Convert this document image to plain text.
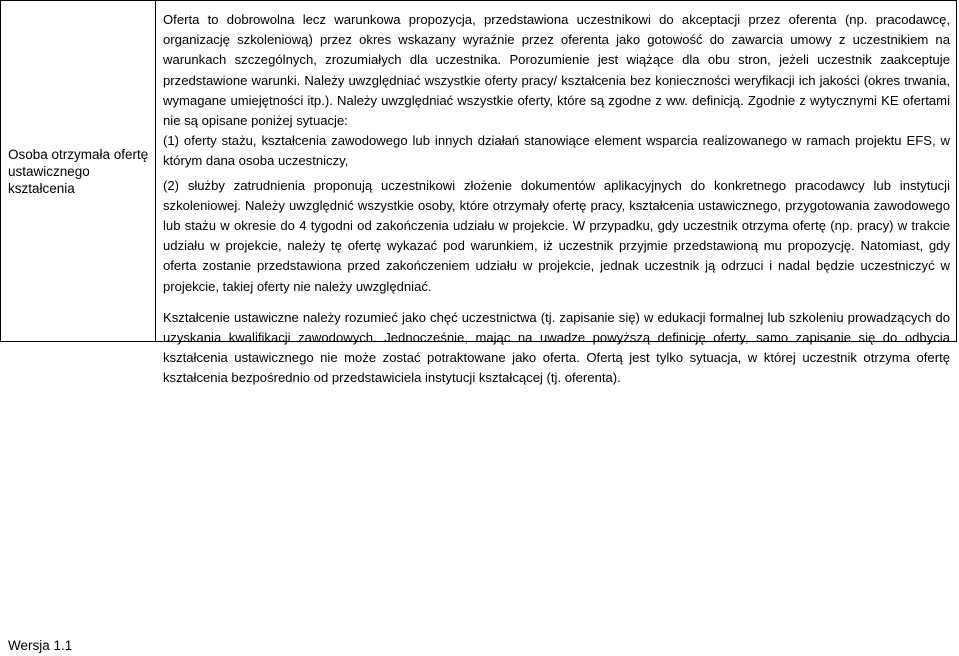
Osoba otrzymała ofertę ustawicznego kształcenia

Oferta to dobrowolna lecz warunkowa propozycja, przedstawiona uczestnikowi do akceptacji przez oferenta (np. pracodawcę, organizację szkoleniową) przez okres wskazany wyraźnie przez oferenta jako gotowość do zawarcia umowy z uczestnikiem na warunkach szczególnych, zrozumiałych dla uczestnika. Porozumienie jest wiążące dla obu stron, jeżeli uczestnik zaakceptuje przedstawione warunki. Należy uwzględniać wszystkie oferty pracy/ kształcenia bez konieczności weryfikacji ich jakości (okres trwania, wymagane umiejętności itp.). Należy uwzględniać wszystkie oferty, które są zgodne z ww. definicją. Zgodnie z wytycznymi KE ofertami nie są opisane poniżej sytuacje:

(1) oferty stażu, kształcenia zawodowego lub innych działań stanowiące element wsparcia realizowanego w ramach projektu EFS, w którym dana osoba uczestniczy,

(2) służby zatrudnienia proponują uczestnikowi złożenie dokumentów aplikacyjnych do konkretnego pracodawcy lub instytucji szkoleniowej. Należy uwzględnić wszystkie osoby, które otrzymały ofertę pracy, kształcenia ustawicznego, przygotowania zawodowego lub stażu w okresie do 4 tygodni od zakończenia udziału w projekcie. W przypadku, gdy uczestnik otrzyma ofertę (np. pracy) w trakcie udziału w projekcie, należy tę ofertę wykazać pod warunkiem, iż uczestnik przyjmie przedstawioną mu propozycję. Natomiast, gdy oferta zostanie przedstawiona przed zakończeniem udziału w projekcie, jednak uczestnik ją odrzuci i nadal będzie uczestniczyć w projekcie, takiej oferty nie należy uwzględniać.

Kształcenie ustawiczne należy rozumieć jako chęć uczestnictwa (tj. zapisanie się) w edukacji formalnej lub szkoleniu prowadzących do uzyskania kwalifikacji zawodowych. Jednocześnie, mając na uwadze powyższą definicję oferty, samo zapisanie się do odbycia kształcenia ustawicznego nie może zostać potraktowane jako oferta. Ofertą jest tylko sytuacja, w której uczestnik otrzyma ofertę kształcenia bezpośrednio od przedstawiciela instytucji kształcącej (tj. oferenta).

Wersja 1.1
